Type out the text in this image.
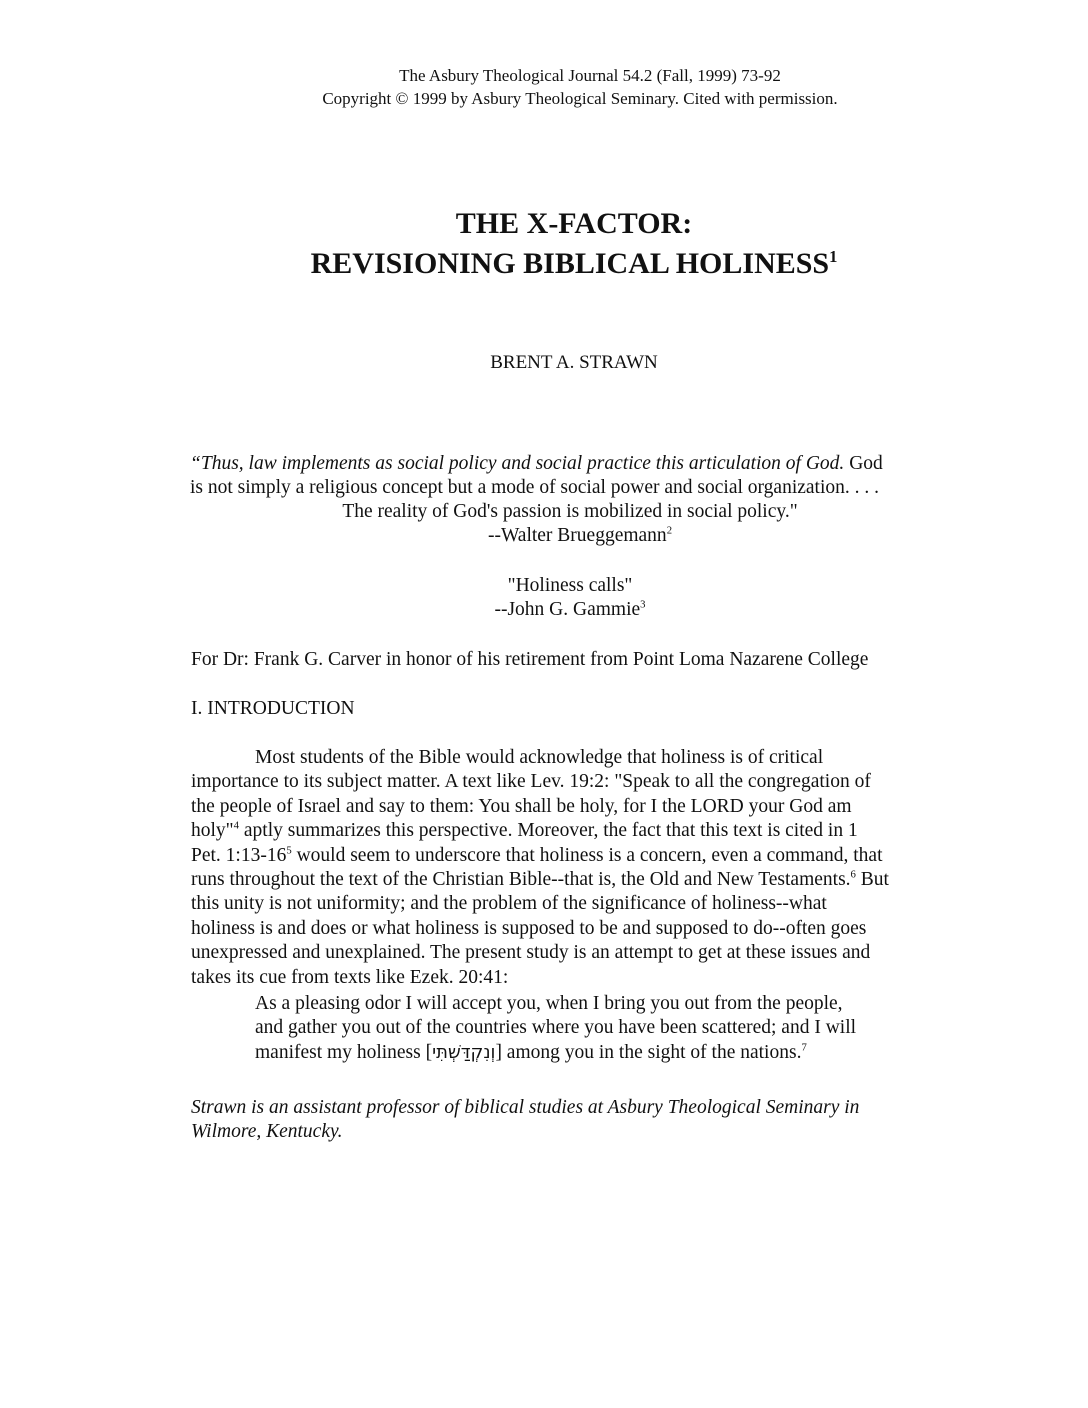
The Asbury Theological Journal 54.2 (Fall, 1999) 73-92
Copyright © 1999 by Asbury Theological Seminary. Cited with permission.
THE X-FACTOR:
REVISIONING BIBLICAL HOLINESS$^1$
BRENT A. STRAWN
“Thus, law implements as social policy and social practice this articulation of God. God
is not simply a religious concept but a mode of social power and social organization. . . .
The reality of God's passion is mobilized in social policy."
--Walter Brueggemann$^2$
"Holiness calls"
--John G. Gammie$^3$
For Dr: Frank G. Carver in honor of his retirement from Point Loma Nazarene College
I. INTRODUCTION
Most students of the Bible would acknowledge that holiness is of critical
importance to its subject matter. A text like Lev. 19:2: "Speak to all the congregation of
the people of Israel and say to them: You shall be holy, for I the LORD your God am
holy"$^4$ aptly summarizes this perspective. Moreover, the fact that this text is cited in 1
Pet. $1:13-16^5$ would seem to underscore that holiness is a concern, even a command, that
runs throughout the text of the Christian Bible--that is, the Old and New Testaments.$^6$ But
this unity is not uniformity; and the problem of the significance of holiness--what
holiness is and does or what holiness is supposed to be and supposed to do--often goes
unexpressed and unexplained. The present study is an attempt to get at these issues and
takes its cue from texts like Ezek. 20:41:
As a pleasing odor I will accept you, when I bring you out from the people,
and gather you out of the countries where you have been scattered; and I will
manifest my holiness [וְנִקְדַּשְׁתִּי] among you in the sight of the nations.$^7$
Strawn is an assistant professor of biblical studies at Asbury Theological Seminary in
Wilmore, Kentucky.
